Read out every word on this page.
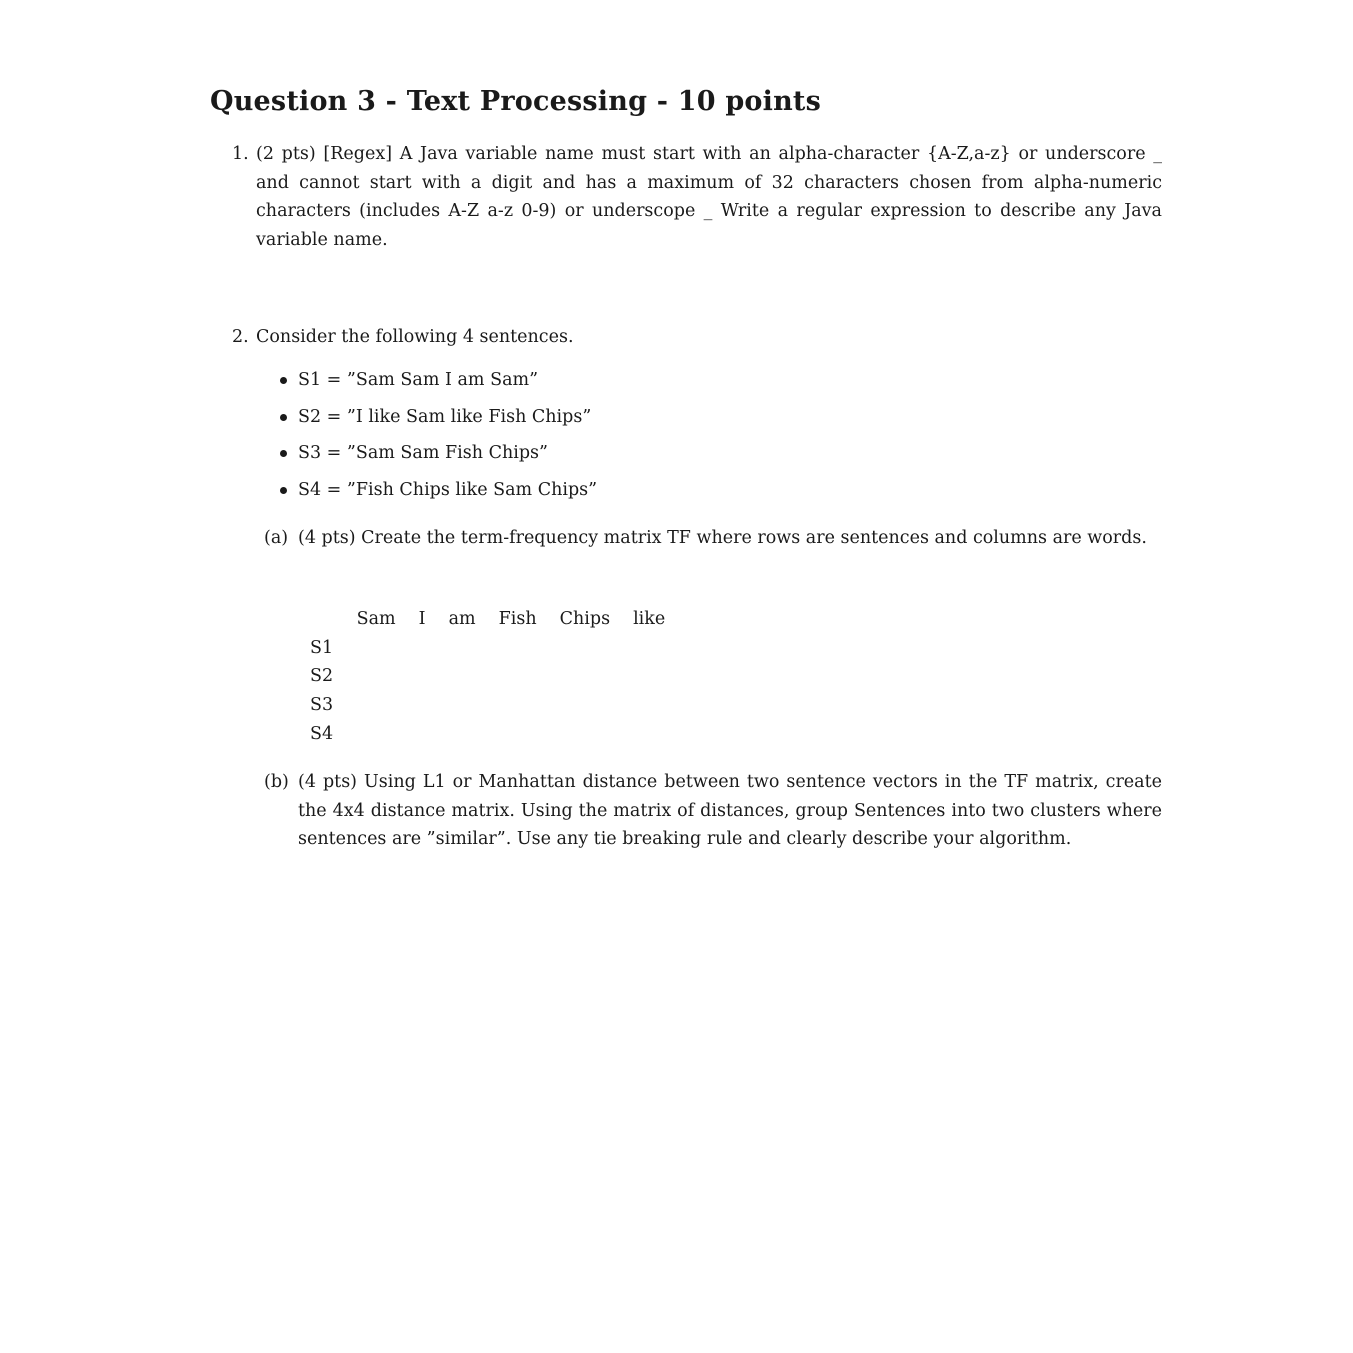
Question 3 - Text Processing - 10 points
1. (2 pts) [Regex] A Java variable name must start with an alpha-character {A-Z,a-z} or underscore _ and cannot start with a digit and has a maximum of 32 characters chosen from alpha-numeric characters (includes A-Z a-z 0-9) or underscope _ Write a regular expression to describe any Java variable name.
2. Consider the following 4 sentences.
S1 = ”Sam Sam I am Sam”
S2 = ”I like Sam like Fish Chips”
S3 = ”Sam Sam Fish Chips”
S4 = ”Fish Chips like Sam Chips”
(a) (4 pts) Create the term-frequency matrix TF where rows are sentences and columns are words.
	Sam	I	am	Fish	Chips	like
S1						
S2						
S3						
S4						
(b) (4 pts) Using L1 or Manhattan distance between two sentence vectors in the TF matrix, create the 4x4 distance matrix. Using the matrix of distances, group Sentences into two clusters where sentences are ”similar”. Use any tie breaking rule and clearly describe your algorithm.
